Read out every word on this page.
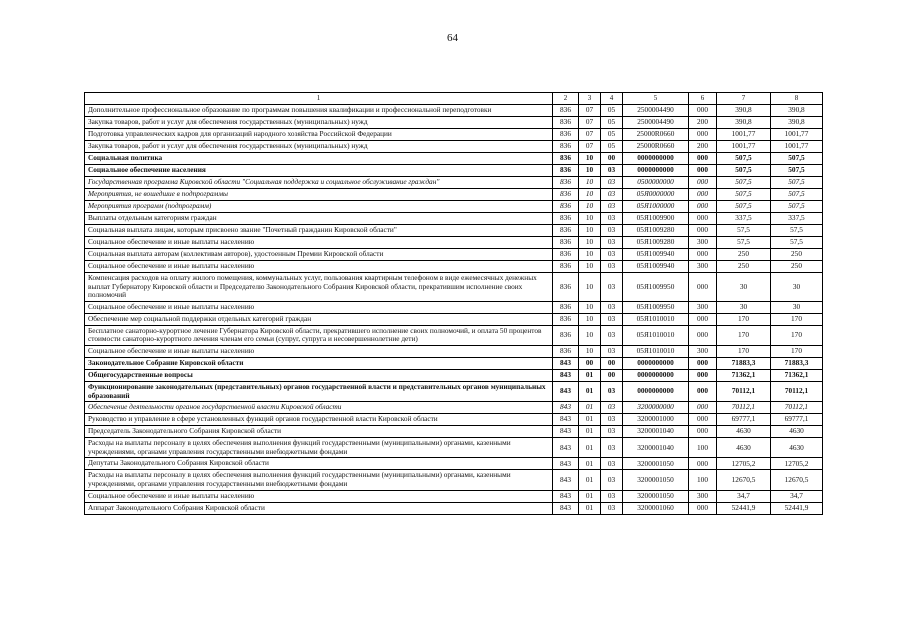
64
1	2	3	4	5	6	7	8
Дополнительное профессиональное образование по программам повышения квалификации и профессиональной переподготовки	836	07	05	2500004490	000	390,8	390,8
Закупка товаров, работ и услуг для обеспечения государственных (муниципальных) нужд	836	07	05	2500004490	200	390,8	390,8
Подготовка управленческих кадров для организаций народного хозяйства Российской Федерации	836	07	05	25000R0660	000	1001,77	1001,77
Закупка товаров, работ и услуг для обеспечения государственных (муниципальных) нужд	836	07	05	25000R0660	200	1001,77	1001,77
Социальная политика	836	10	00	0000000000	000	507,5	507,5
Социальное обеспечение населения	836	10	03	0000000000	000	507,5	507,5
Государственная программа Кировской области "Социальная поддержка и социальное обслуживание граждан"	836	10	03	0500000000	000	507,5	507,5
Мероприятия, не вошедшие в подпрограммы	836	10	03	05Я0000000	000	507,5	507,5
Мероприятия программ (подпрограмм)	836	10	03	05Я1000000	000	507,5	507,5
Выплаты отдельным категориям граждан	836	10	03	05Я1009900	000	337,5	337,5
Социальная выплата лицам, которым присвоено звание "Почетный гражданин Кировской области"	836	10	03	05Я1009280	000	57,5	57,5
Социальное обеспечение и иные выплаты населению	836	10	03	05Я1009280	300	57,5	57,5
Социальная выплата авторам (коллективам авторов), удостоенным Премии Кировской области	836	10	03	05Я1009940	000	250	250
Социальное обеспечение и иные выплаты населению	836	10	03	05Я1009940	300	250	250
Компенсация расходов на оплату жилого помещения, коммунальных услуг, пользования квартирным телефоном в виде ежемесячных денежных выплат Губернатору Кировской области и Председателю Законодательного Собрания Кировской области, прекратившим исполнение своих полномочий	836	10	03	05Я1009950	000	30	30
Социальное обеспечение и иные выплаты населению	836	10	03	05Я1009950	300	30	30
Обеспечение мер социальной поддержки отдельных категорий граждан	836	10	03	05Я1010010	000	170	170
Бесплатное санаторно-курортное лечение Губернатора Кировской области, прекратившего исполнение своих полномочий, и оплата 50 процентов стоимости санаторно-курортного лечения членам его семьи (супруг, супруга и несовершеннолетние дети)	836	10	03	05Я1010010	000	170	170
Социальное обеспечение и иные выплаты населению	836	10	03	05Я1010010	300	170	170
Законодательное Собрание Кировской области	843	00	00	0000000000	000	71883,3	71883,3
Общегосударственные вопросы	843	01	00	0000000000	000	71362,1	71362,1
Функционирование законодательных (представительных) органов государственной власти и представительных органов муниципальных образований	843	01	03	0000000000	000	70112,1	70112,1
Обеспечение деятельности органов государственной власти Кировской области	843	01	03	3200000000	000	70112,1	70112,1
Руководство и управление в сфере установленных функций органов государственной власти Кировской области	843	01	03	3200001000	000	69777,1	69777,1
Председатель Законодательного Собрания Кировской области	843	01	03	3200001040	000	4630	4630
Расходы на выплаты персоналу в целях обеспечения выполнения функций государственными (муниципальными) органами, казенными учреждениями, органами управления государственными внебюджетными фондами	843	01	03	3200001040	100	4630	4630
Депутаты Законодательного Собрания Кировской области	843	01	03	3200001050	000	12705,2	12705,2
Расходы на выплаты персоналу в целях обеспечения выполнения функций государственными (муниципальными) органами, казенными учреждениями, органами управления государственными внебюджетными фондами	843	01	03	3200001050	100	12670,5	12670,5
Социальное обеспечение и иные выплаты населению	843	01	03	3200001050	300	34,7	34,7
Аппарат Законодательного Собрания Кировской области	843	01	03	3200001060	000	52441,9	52441,9
